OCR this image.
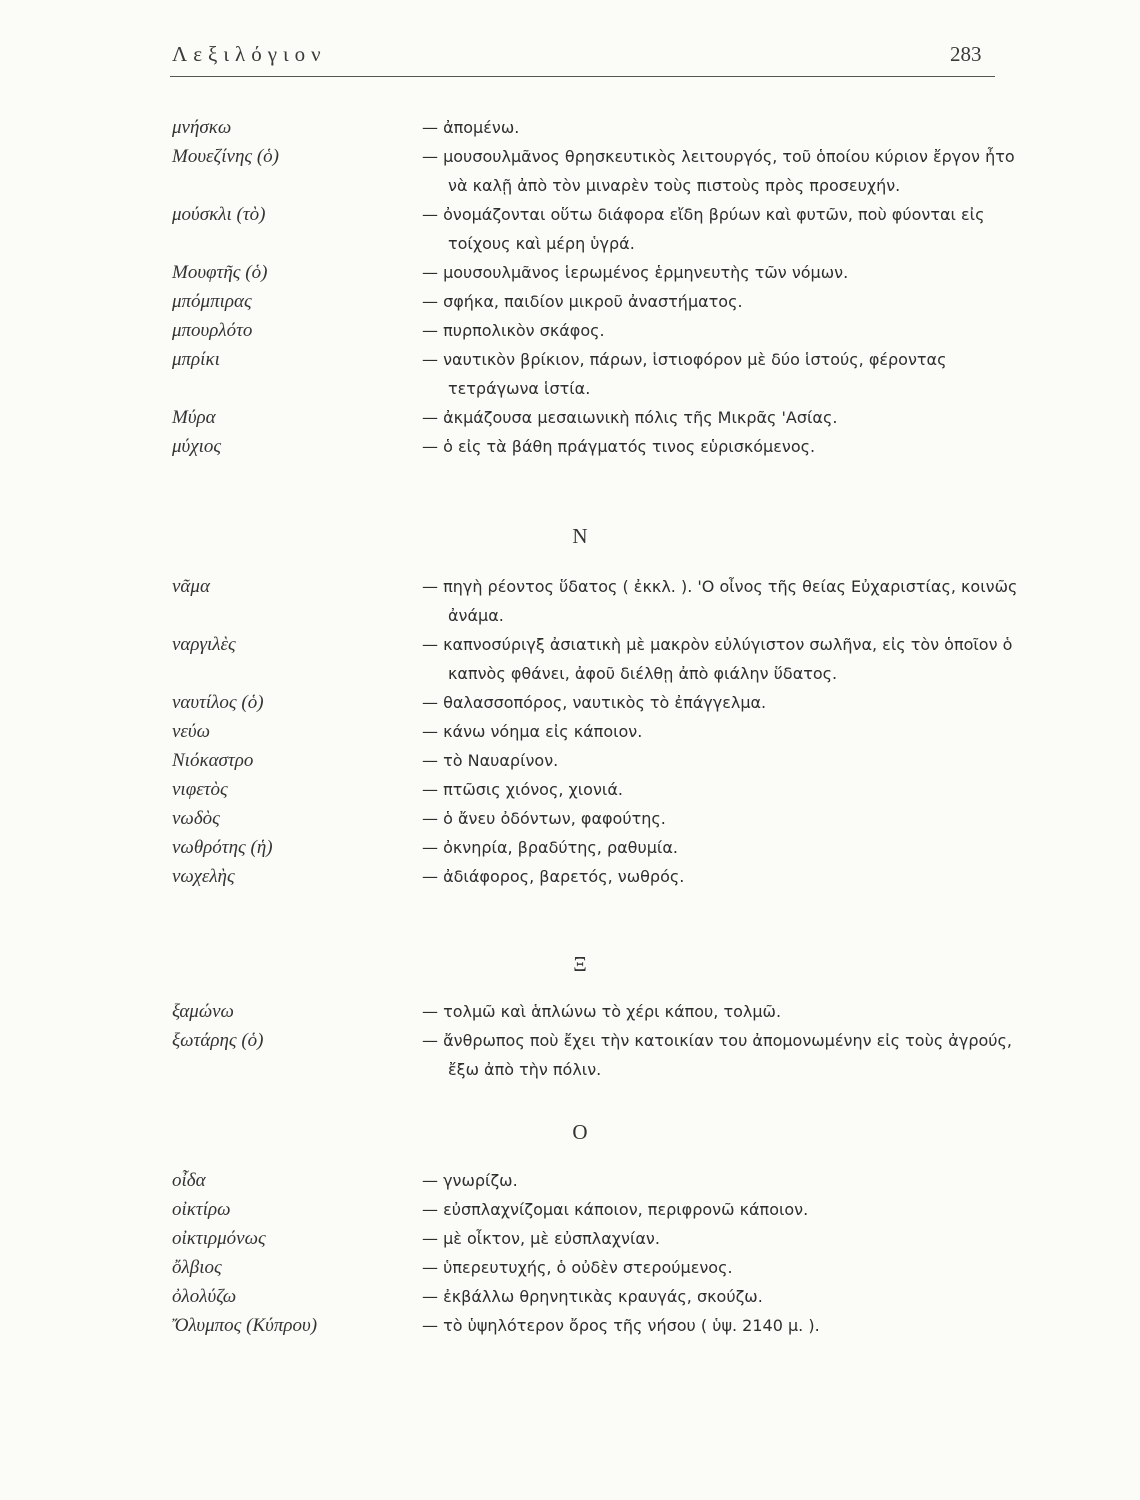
Λεξιλόγιον	283
μνήσκω	— ἀπομένω.
Μουεζίνης (ὁ)	— μουσουλμᾶνος θρησκευτικὸς λειτουργός, τοῦ ὁποίου κύριον ἔργον ἦτο νὰ καλῇ ἀπὸ τὸν μιναρὲν τοὺς πιστοὺς πρὸς προσευχήν.
μούσκλι (τὸ)	— ὀνομάζονται οὕτω διάφορα εἴδη βρύων καὶ φυτῶν, ποὺ φύονται εἰς τοίχους καὶ μέρη ὑγρά.
Μουφτῆς (ὁ)	— μουσουλμᾶνος ἱερωμένος ἑρμηνευτὴς τῶν νόμων.
μπόμπιρας	— σφήκα, παιδίον μικροῦ ἀναστήματος.
μπουρλότο	— πυρπολικὸν σκάφος.
μπρίκι	— ναυτικὸν βρίκιον, πάρων, ἱστιοφόρον μὲ δύο ἱστούς, φέροντας τετράγωνα ἱστία.
Μύρα	— ἀκμάζουσα μεσαιωνικὴ πόλις τῆς Μικρᾶς 'Ασίας.
μύχιος	— ὁ εἰς τὰ βάθη πράγματός τινος εὑρισκόμενος.
Ν
νᾶμα	— πηγὴ ρέοντος ὕδατος ( ἐκκλ. ). 'Ο οἶνος τῆς θείας Εὐχαριστίας, κοινῶς ἀνάμα.
ναργιλὲς	— καπνοσύριγξ ἀσιατικὴ μὲ μακρὸν εὐλύγιστον σωλῆνα, εἰς τὸν ὁποῖον ὁ καπνὸς φθάνει, ἀφοῦ διέλθῃ ἀπὸ φιάλην ὕδατος.
ναυτίλος (ὁ)	— θαλασσοπόρος, ναυτικὸς τὸ ἐπάγγελμα.
νεύω	— κάνω νόημα εἰς κάποιον.
Νιόκαστρο	— τὸ Ναυαρίνον.
νιφετὸς	— πτῶσις χιόνος, χιονιά.
νωδὸς	— ὁ ἄνευ ὀδόντων, φαφούτης.
νωθρότης (ἡ)	— ὀκνηρία, βραδύτης, ραθυμία.
νωχελὴς	— ἀδιάφορος, βαρετός, νωθρός.
Ξ
ξαμώνω	— τολμῶ καὶ ἁπλώνω τὸ χέρι κάπου, τολμῶ.
ξωτάρης (ὁ)	— ἄνθρωπος ποὺ ἔχει τὴν κατοικίαν του ἀπομονωμένην εἰς τοὺς ἀγρούς, ἔξω ἀπὸ τὴν πόλιν.
Ο
οἶδα	— γνωρίζω.
οἰκτίρω	— εὐσπλαχνίζομαι κάποιον, περιφρονῶ κάποιον.
οἰκτιρμόνως	— μὲ οἶκτον, μὲ εὐσπλαχνίαν.
ὄλβιος	— ὑπερευτυχής, ὁ οὐδὲν στερούμενος.
ὀλολύζω	— ἐκβάλλω θρηνητικὰς κραυγάς, σκούζω.
Ὄλυμπος (Κύπρου)	— τὸ ὑψηλότερον ὄρος τῆς νήσου ( ὑψ. 2140 μ. ).
